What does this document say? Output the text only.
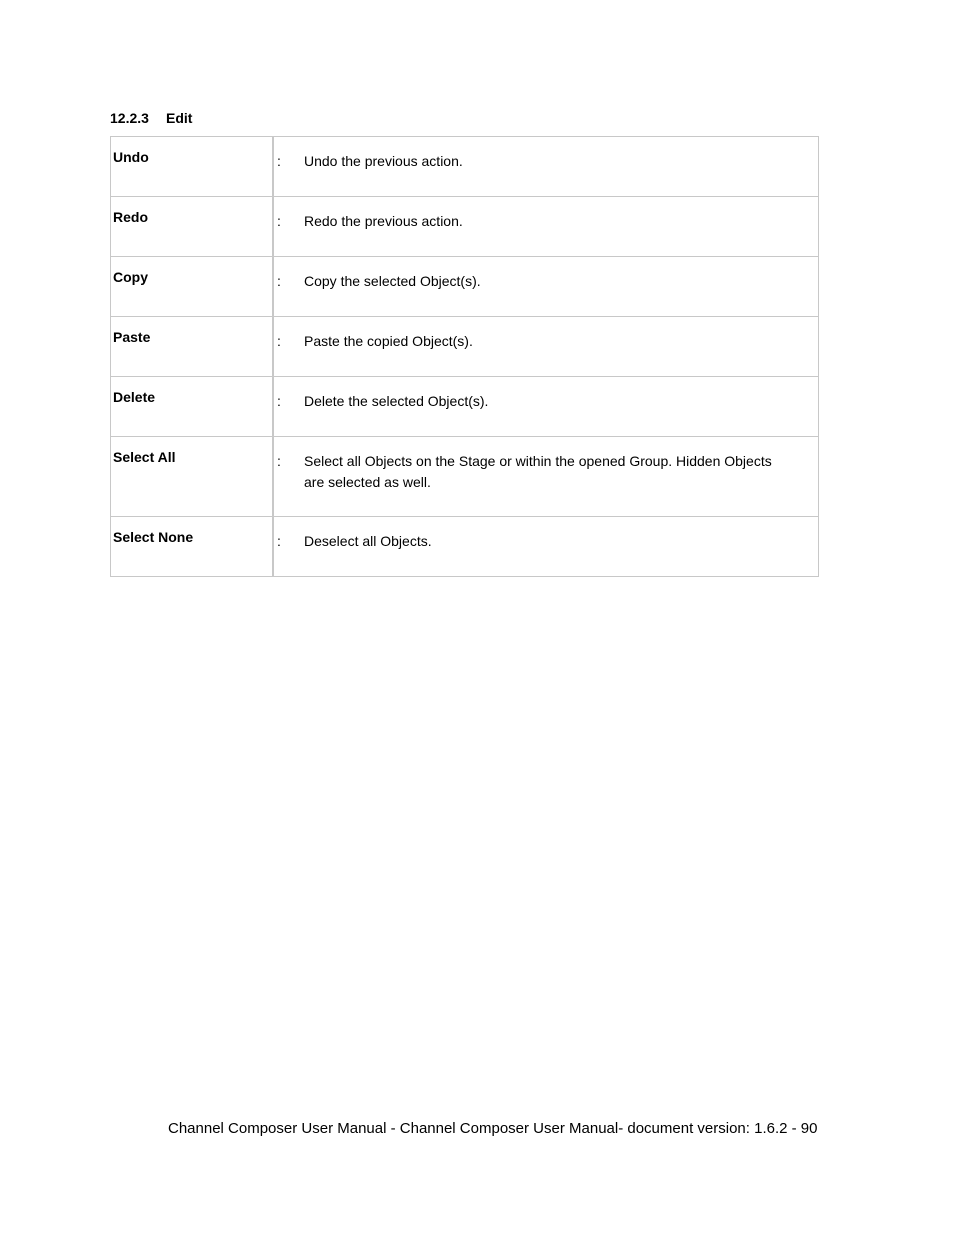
12.2.3 Edit
Undo	: Undo the previous action.

Redo	: Redo the previous action.

Copy	: Copy the selected Object(s).

Paste	: Paste the copied Object(s).

Delete	: Delete the selected Object(s).

Select All	: Select all Objects on the Stage or within the opened Group. Hidden Objects are selected as well.

Select None	: Deselect all Objects.
Channel Composer User Manual - Channel Composer User Manual- document version: 1.6.2 - 90
